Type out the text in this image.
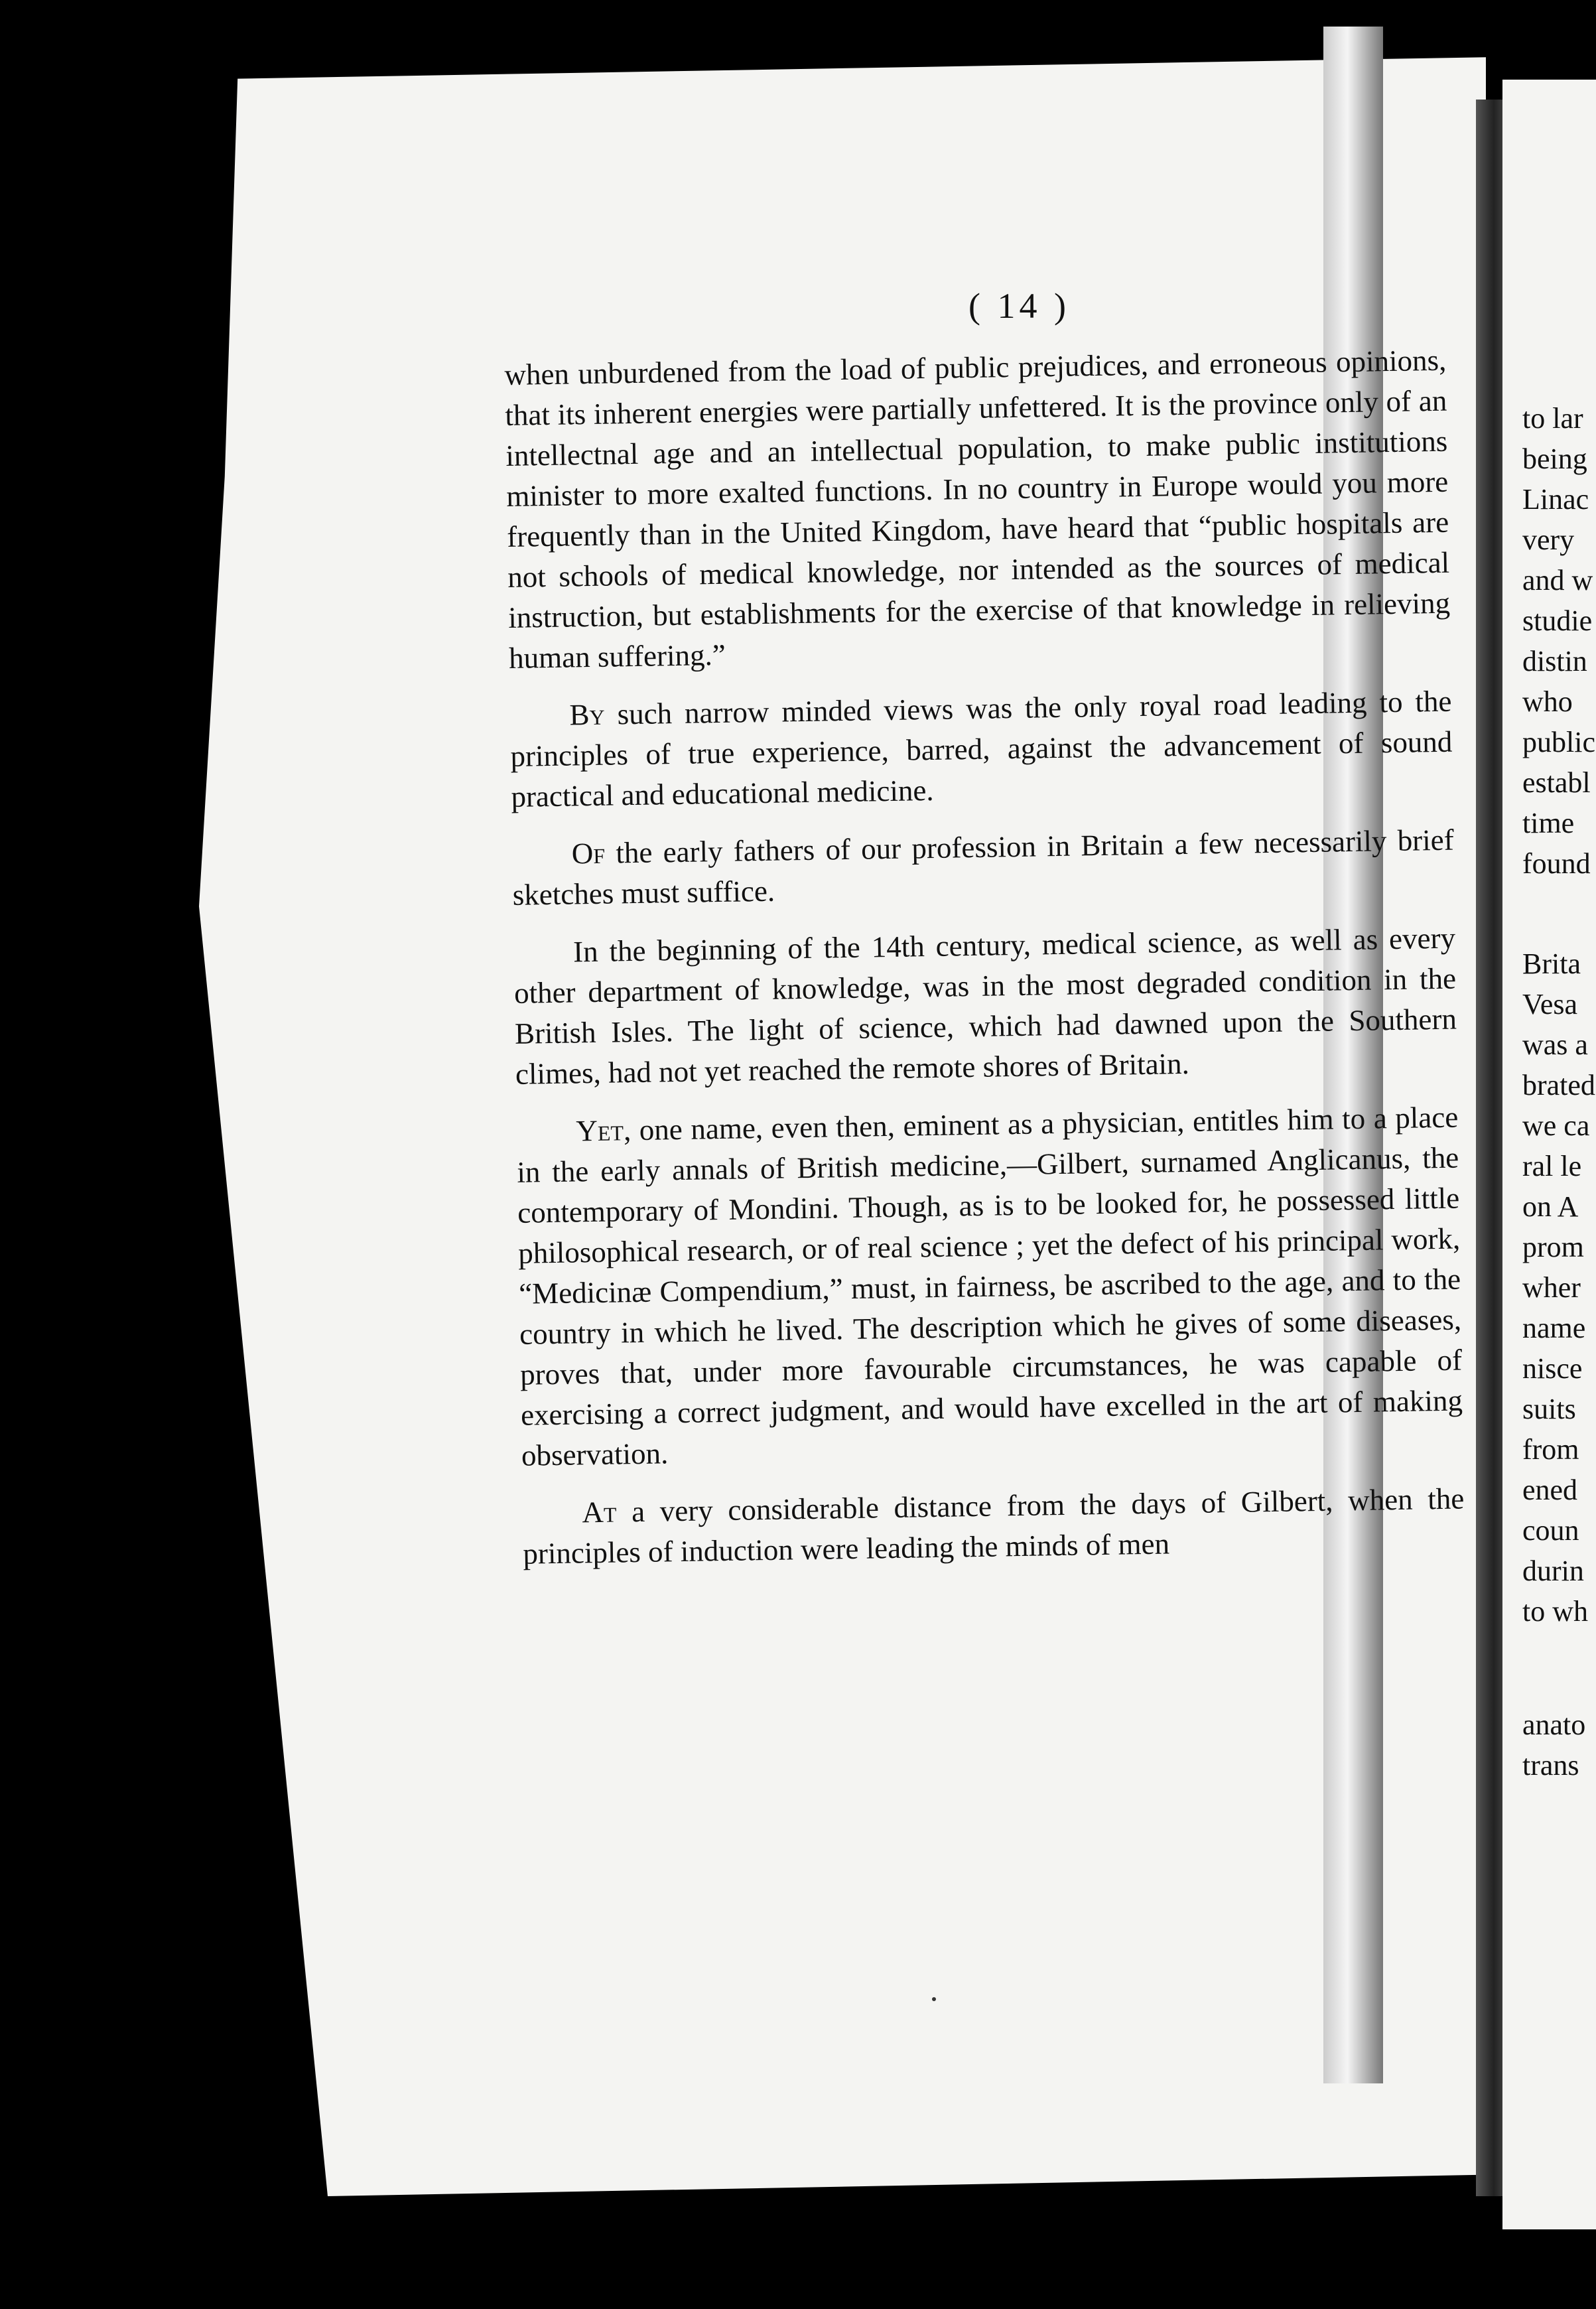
to lar
being
Linac
very
and w
studie
distin
who
public
establ
time
found
Brita
Vesa
was a
brated
we ca
ral le
on A
prom
wher
name
nisce
suits
from
ened
coun
durin
to wh
anato
trans
( 14 )

when unburdened from the load of public prejudices, and erroneous opinions, that its inherent energies were partially unfettered. It is the province only of an intellectnal age and an intellectual population, to make public institutions minister to more exalted functions. In no country in Europe would you more frequently than in the United Kingdom, have heard that “public hospitals are not schools of medical knowledge, nor intended as the sources of medical instruction, but establishments for the exercise of that knowledge in relieving human suffering.”

By such narrow minded views was the only royal road leading to the principles of true experience, barred, against the advancement of sound practical and educational medicine.

Of the early fathers of our profession in Britain a few necessarily brief sketches must suffice.

In the beginning of the 14th century, medical science, as well as every other department of knowledge, was in the most degraded condition in the British Isles. The light of science, which had dawned upon the Southern climes, had not yet reached the remote shores of Britain.

Yet, one name, even then, eminent as a physician, entitles him to a place in the early annals of British medicine,—Gilbert, surnamed Anglicanus, the contemporary of Mondini. Though, as is to be looked for, he possessed little philosophical research, or of real science ; yet the defect of his principal work, “Medicinæ Compendium,” must, in fairness, be ascribed to the age, and to the country in which he lived. The description which he gives of some diseases, proves that, under more favourable circumstances, he was capable of exercising a correct judgment, and would have excelled in the art of making observation.

At a very considerable distance from the days of Gilbert, when the principles of induction were leading the minds of men
